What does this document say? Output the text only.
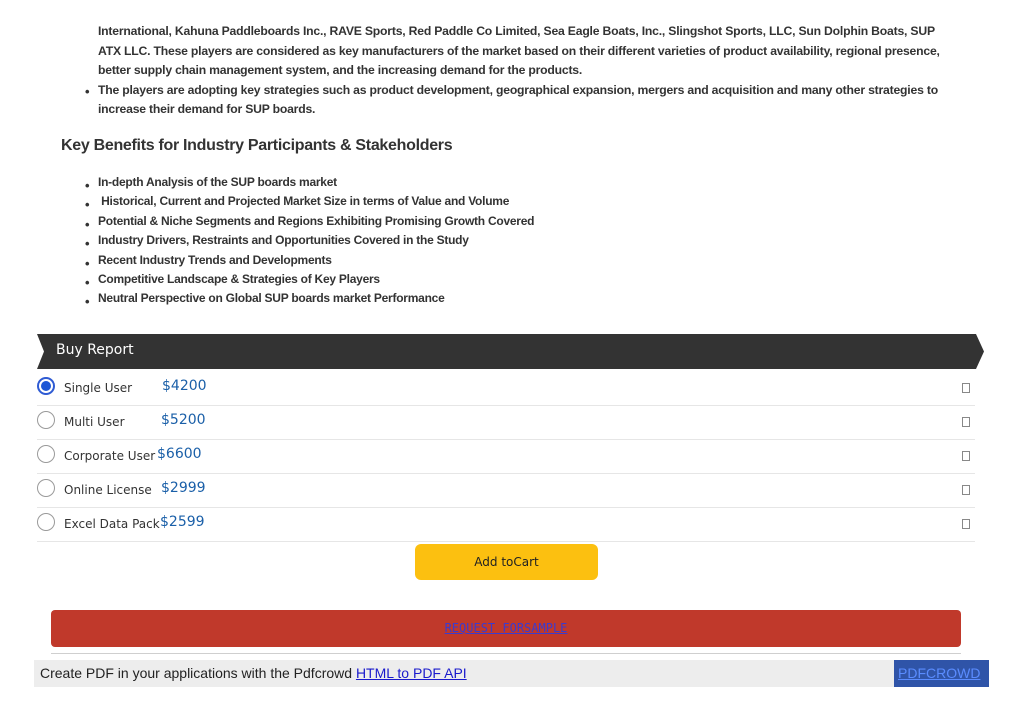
International, Kahuna Paddleboards Inc., RAVE Sports, Red Paddle Co Limited, Sea Eagle Boats, Inc., Slingshot Sports, LLC, Sun Dolphin Boats, SUP ATX LLC. These players are considered as key manufacturers of the market based on their different varieties of product availability, regional presence, better supply chain management system, and the increasing demand for the products.

• The players are adopting key strategies such as product development, geographical expansion, mergers and acquisition and many other strategies to increase their demand for SUP boards.

Key Benefits for Industry Participants & Stakeholders
• In-depth Analysis of the SUP boards market
• Historical, Current and Projected Market Size in terms of Value and Volume
• Potential & Niche Segments and Regions Exhibiting Promising Growth Covered
• Industry Drivers, Restraints and Opportunities Covered in the Study
• Recent Industry Trends and Developments
• Competitive Landscape & Strategies of Key Players
• Neutral Perspective on Global SUP boards market Performance
Buy Report
Single User $4200
Multi User	$5200
Corporate User $6600
Online License $2999
Excel Data Pack $2599
Add toCart
REQUEST FORSAMPLE
Create PDF in your applications with the Pdfcrowd HTML to PDF API	PDFCROWD
